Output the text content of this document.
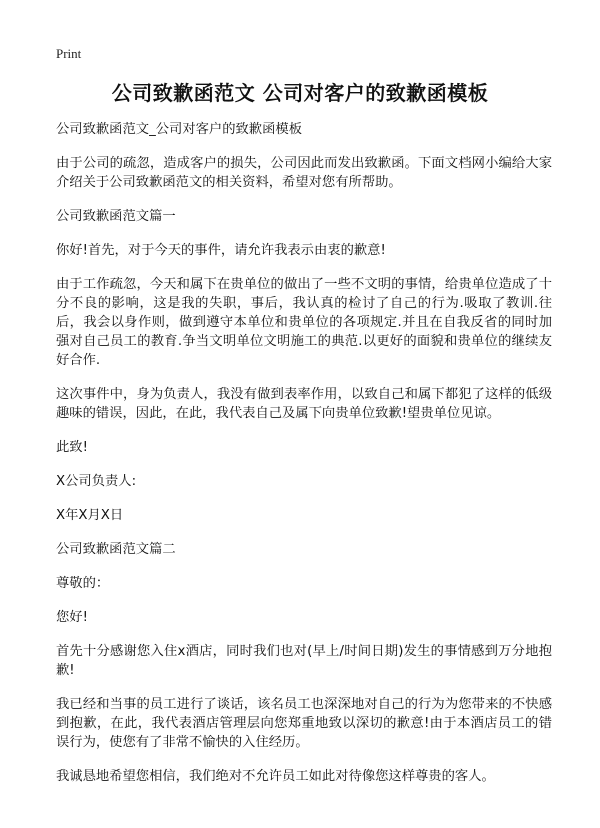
Print
公司致歉函范文 公司对客户的致歉函模板

公司致歉函范文_公司对客户的致歉函模板

由于公司的疏忽，造成客户的损失，公司因此而发出致歉函。下面文档网小编给大家介绍关于公司致歉函范文的相关资料，希望对您有所帮助。

公司致歉函范文篇一

你好!首先，对于今天的事件，请允许我表示由衷的歉意!

由于工作疏忽，今天和属下在贵单位的做出了一些不文明的事情，给贵单位造成了十分不良的影响，这是我的失职，事后，我认真的检讨了自己的行为.吸取了教训.往后，我会以身作则，做到遵守本单位和贵单位的各项规定.并且在自我反省的同时加强对自己员工的教育.争当文明单位文明施工的典范.以更好的面貌和贵单位的继续友好合作.

这次事件中，身为负责人，我没有做到表率作用，以致自己和属下都犯了这样的低级趣味的错误，因此，在此，我代表自己及属下向贵单位致歉!望贵单位见谅。

此致!

X公司负责人:

X年X月X日

公司致歉函范文篇二

尊敬的：

您好!

首先十分感谢您入住x酒店，同时我们也对(早上/时间日期)发生的事情感到万分地抱歉!

我已经和当事的员工进行了谈话，该名员工也深深地对自己的行为为您带来的不快感到抱歉，在此，我代表酒店管理层向您郑重地致以深切的歉意!由于本酒店员工的错误行为，使您有了非常不愉快的入住经历。

我诚恳地希望您相信，我们绝对不允许员工如此对待像您这样尊贵的客人。
